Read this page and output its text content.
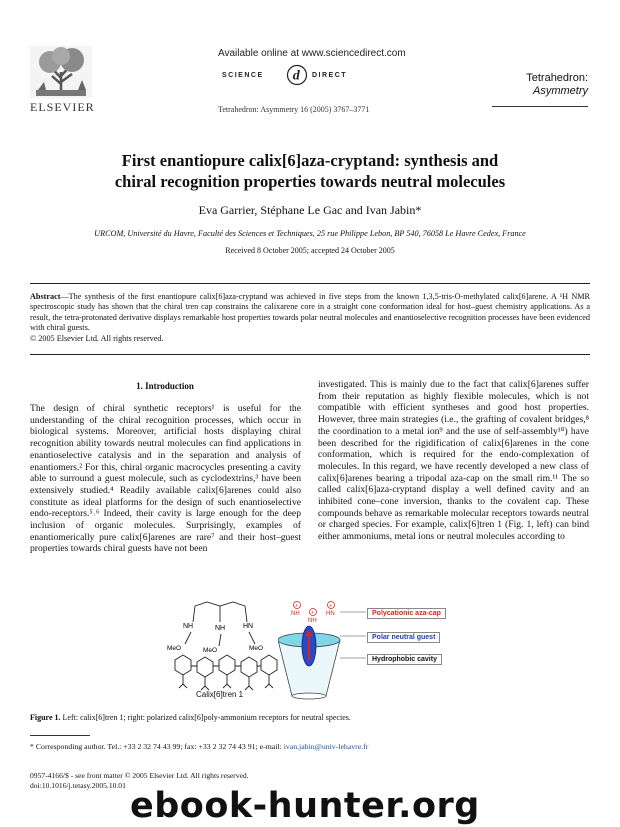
ELSEVIER
Available online at www.sciencedirect.com
SCIENCE d DIRECT
Tetrahedron: Asymmetry 16 (2005) 3767–3771
Tetrahedron:
Asymmetry
First enantiopure calix[6]aza-cryptand: synthesis and
chiral recognition properties towards neutral molecules
Eva Garrier, Stéphane Le Gac and Ivan Jabin*
URCOM, Université du Havre, Faculté des Sciences et Techniques, 25 rue Philippe Lebon, BP 540, 76058 Le Havre Cedex, France
Received 8 October 2005; accepted 24 October 2005
Abstract—The synthesis of the first enantiopure calix[6]aza-cryptand was achieved in five steps from the known 1,3,5-tris-O-methylated calix[6]arene. A ¹H NMR spectroscopic study has shown that the chiral tren cap constrains the calixarene core in a straight cone conformation ideal for host–guest chemistry applications. As a result, the tetra-protonated derivative displays remarkable host properties towards polar neutral molecules and enantioselective recognition processes have been evidenced with chiral guests.
© 2005 Elsevier Ltd. All rights reserved.
1. Introduction
The design of chiral synthetic receptors¹ is useful for the understanding of the chiral recognition processes, which occur in biological systems. Moreover, artificial hosts displaying chiral recognition ability towards neutral molecules can find applications in enantioselective catalysis and in the separation and analysis of enantiomers.² For this, chiral organic macrocycles presenting a cavity able to surround a guest molecule, such as cyclodextrins,³ have been extensively studied.⁴ Readily available calix[6]arenes could also constitute as ideal platforms for the design of such enantioselective endo-receptors.⁵˒⁶ Indeed, their cavity is large enough for the deep inclusion of organic molecules. Surprisingly, examples of enantiomerically pure calix[6]arenes are rare⁷ and their host–guest properties towards chiral guests have not been
investigated. This is mainly due to the fact that calix[6]arenes suffer from their reputation as highly flexible molecules, which is not compatible with efficient syntheses and good host properties. However, three main strategies (i.e., the grafting of covalent bridges,⁸ the coordination to a metal ion⁹ and the use of self-assembly¹⁰) have been described for the rigidification of calix[6]arenes in the cone conformation, which is required for the endo-complexation of molecules. In this regard, we have recently developed a new class of calix[6]arenes bearing a tripodal aza-cap on the small rim.¹¹ The so called calix[6]aza-cryptand display a well defined cavity and an inhibited cone–cone inversion, thanks to the covalent cap. These compounds behave as remarkable molecular receptors towards neutral or charged species. For example, calix[6]tren 1 (Fig. 1, left) can bind either ammoniums, metal ions or neutral molecules according to
NH	NH	HN
MeO	MeO	MeO
Calix[6]tren 1
+
NH +
NH
+
HN	Polycationic aza-cap
Polar neutral guest
Hydrophobic cavity
Figure 1. Left: calix[6]tren 1; right: polarized calix[6]poly-ammonium receptors for neutral species.
* Corresponding author. Tel.: +33 2 32 74 43 99; fax: +33 2 32 74 43 91; e-mail: ivan.jabin@univ-lehavre.fr
0957-4166/$ - see front matter © 2005 Elsevier Ltd. All rights reserved.
doi:10.1016/j.tetasy.2005.10.01
ebook-hunter.org
